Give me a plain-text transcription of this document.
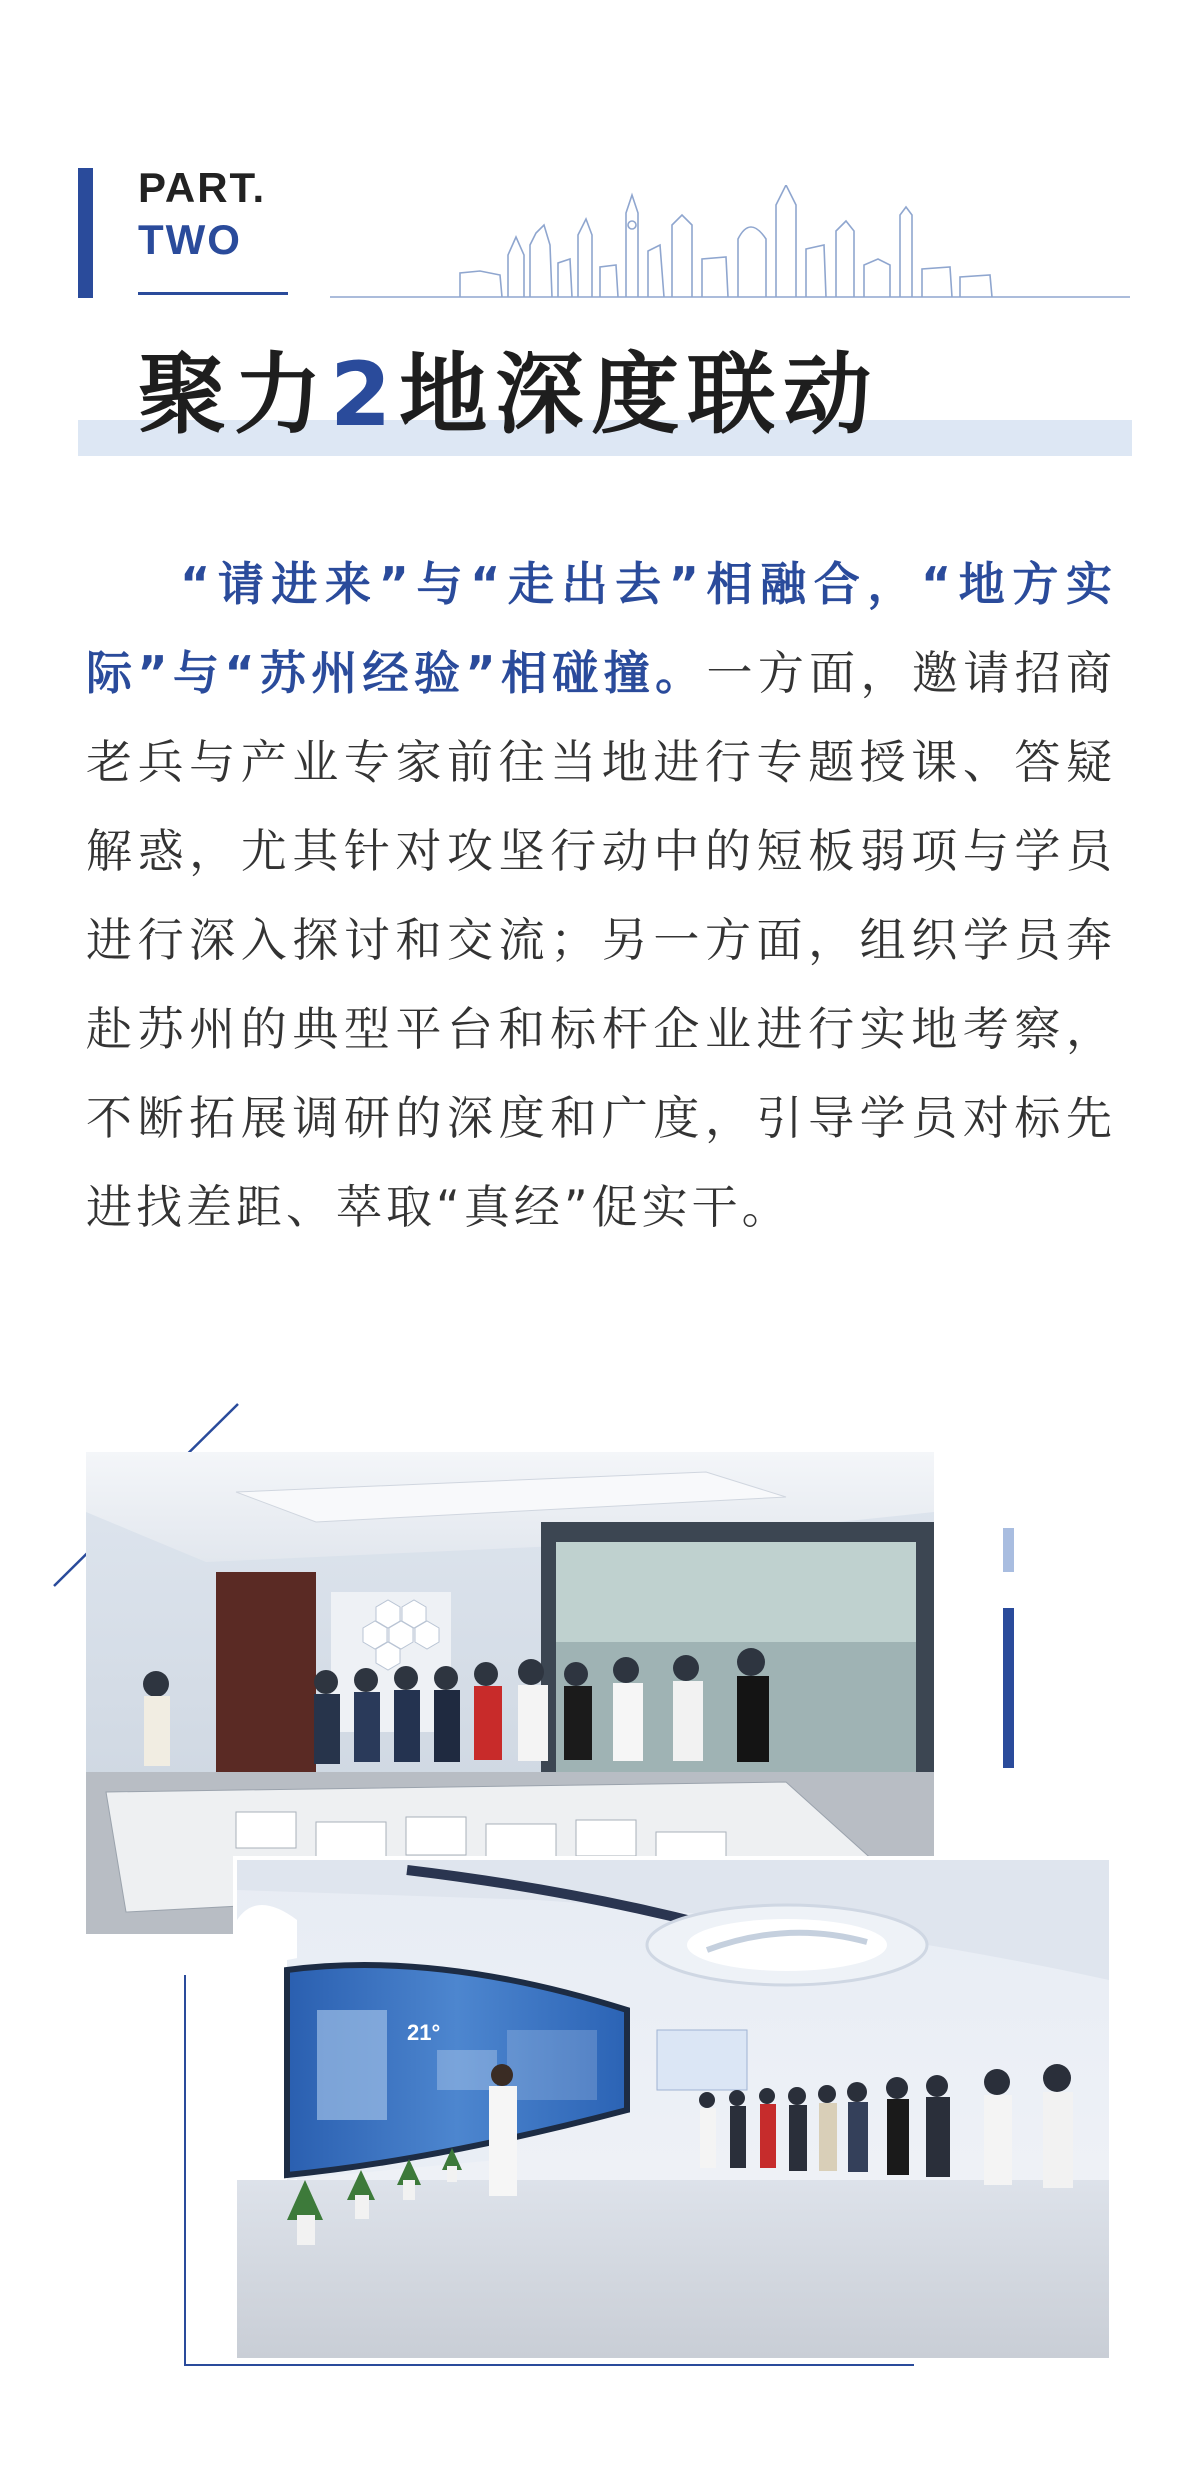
PART.
TWO
聚力2地深度联动
“请进来”与“走出去”相融合，“地方实际”与“苏州经验”相碰撞。一方面，邀请招商老兵与产业专家前往当地进行专题授课、答疑解惑，尤其针对攻坚行动中的短板弱项与学员进行深入探讨和交流；另一方面，组织学员奔赴苏州的典型平台和标杆企业进行实地考察，不断拓展调研的深度和广度，引导学员对标先进找差距、萃取“真经”促实干。
21°
